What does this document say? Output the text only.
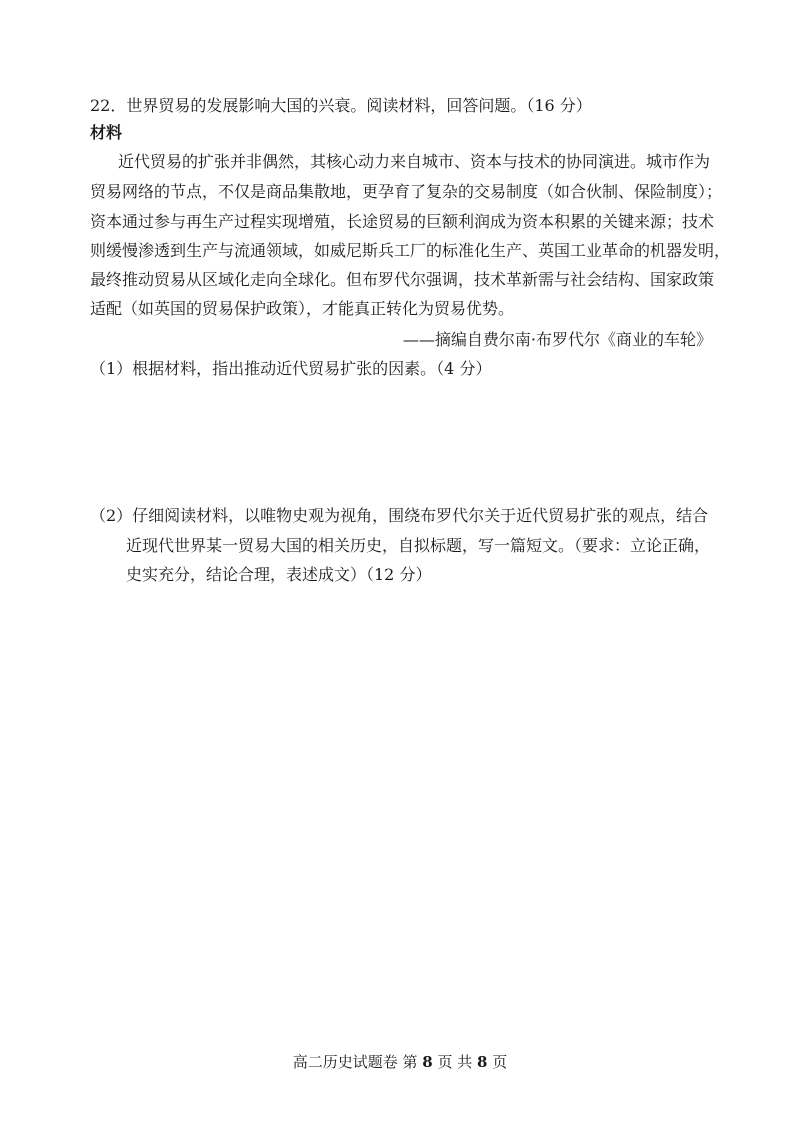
22．世界贸易的发展影响大国的兴衰。阅读材料，回答问题。（16 分）
材料
近代贸易的扩张并非偶然，其核心动力来自城市、资本与技术的协同演进。城市作为
贸易网络的节点，不仅是商品集散地，更孕育了复杂的交易制度（如合伙制、保险制度）；
资本通过参与再生产过程实现增殖，长途贸易的巨额利润成为资本积累的关键来源；技术
则缓慢渗透到生产与流通领域，如威尼斯兵工厂的标准化生产、英国工业革命的机器发明，
最终推动贸易从区域化走向全球化。但布罗代尔强调，技术革新需与社会结构、国家政策
适配（如英国的贸易保护政策），才能真正转化为贸易优势。
——摘编自费尔南·布罗代尔《商业的车轮》
（1）根据材料，指出推动近代贸易扩张的因素。（4 分）
（2）仔细阅读材料，以唯物史观为视角，围绕布罗代尔关于近代贸易扩张的观点，结合
近现代世界某一贸易大国的相关历史，自拟标题，写一篇短文。（要求：立论正确，
史实充分，结论合理，表述成文）（12 分）
高二历史试题卷 第 8 页 共 8 页
